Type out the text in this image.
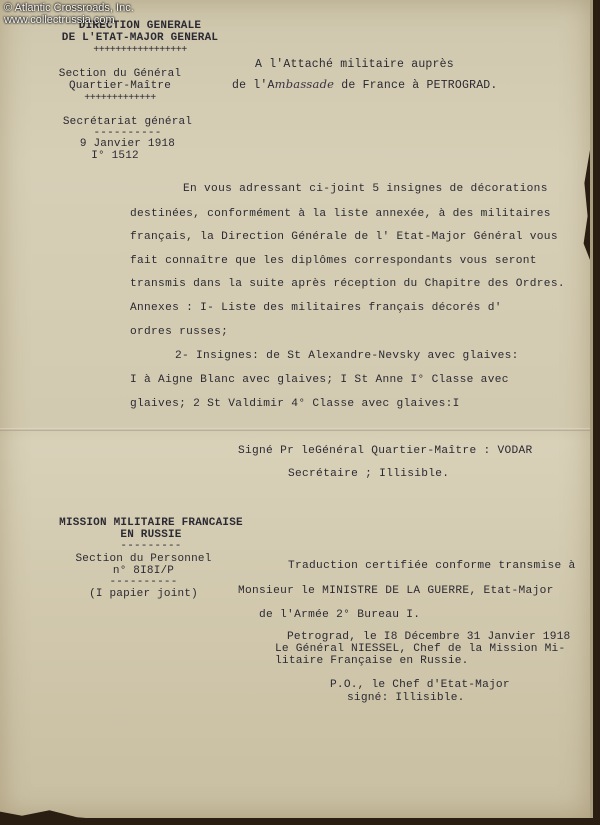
DIRECTION GENERALE
DE L'ETAT-MAJOR GENERAL
+++++++++++++++++
Section du Général
Quartier-Maître
+++++++++++++
Secrétariat général
----------
9 Janvier 1918
I° 1512
A l'Attaché militaire auprès
de l'Ambassade de France à PETROGRAD.
En vous adressant ci-joint 5 insignes de décorations
destinées, conformément à la liste annexée, à des militaires
français, la Direction Générale de l' Etat-Major Général vous
fait connaître que les diplômes correspondants vous seront
transmis dans la suite après réception du Chapitre des Ordres.
Annexes : I- Liste des militaires français décorés d'
ordres russes;
2- Insignes: de St Alexandre-Nevsky avec glaives:
I à Aigne Blanc avec glaives; I St Anne I° Classe avec
glaives; 2 St Valdimir 4° Classe avec glaives:I
Signé Pr leGénéral Quartier-Maître : VODAR
Secrétaire ; Illisible.
MISSION MILITAIRE FRANCAISE
EN RUSSIE
---------
Section du Personnel
n° 8I8I/P
----------
(I papier joint)
Traduction certifiée conforme transmise à
Monsieur le MINISTRE DE LA GUERRE, Etat-Major
de l'Armée 2° Bureau I.
Petrograd, le I8 Décembre 31 Janvier 1918
Le Général NIESSEL, Chef de la Mission Mi-
litaire Française en Russie.
P.O., le Chef d'Etat-Major
signé: Illisible.
© Atlantic Crossroads, Inc.
www.collectrussia.com
